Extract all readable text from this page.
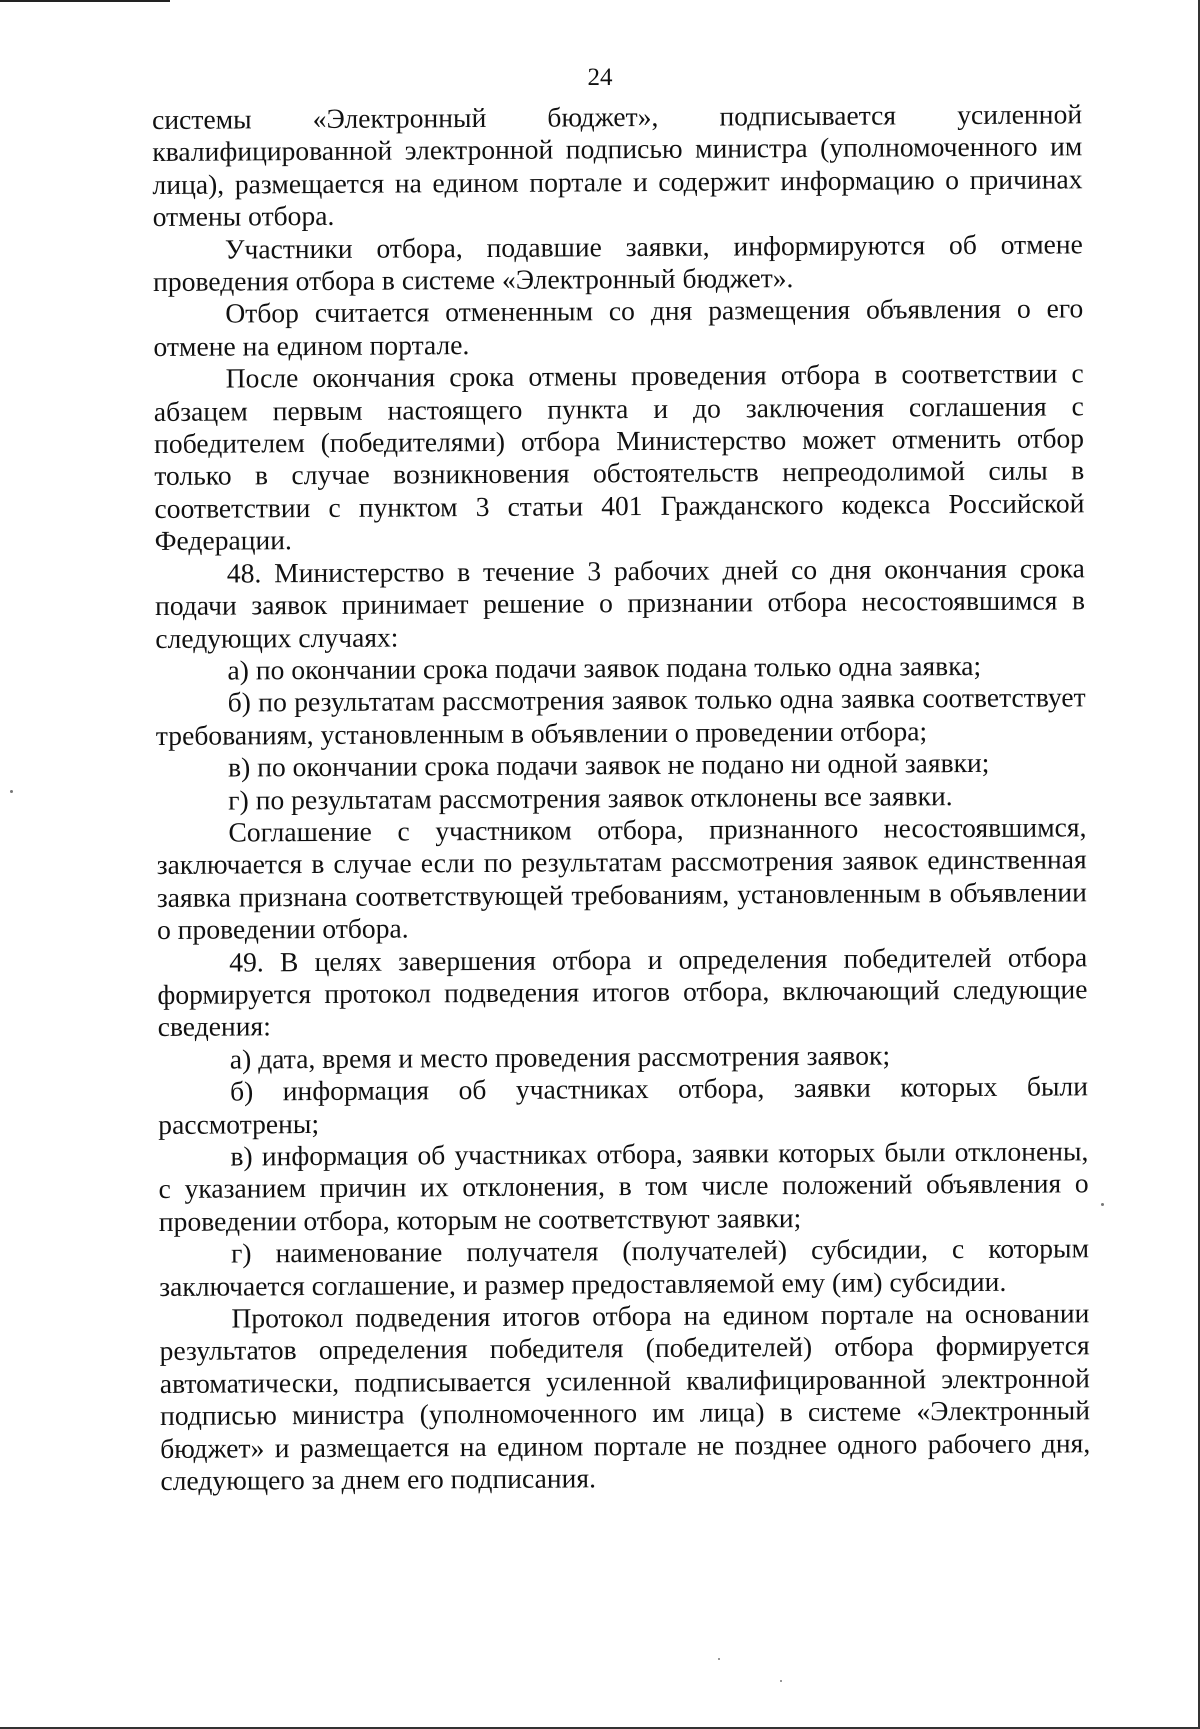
24

системы «Электронный бюджет», подписывается усиленной квалифицированной электронной подписью министра (уполномоченного им лица), размещается на едином портале и содержит информацию о причинах отмены отбора.

Участники отбора, подавшие заявки, информируются об отмене проведения отбора в системе «Электронный бюджет».

Отбор считается отмененным со дня размещения объявления о его отмене на едином портале.

После окончания срока отмены проведения отбора в соответствии с абзацем первым настоящего пункта и до заключения соглашения с победителем (победителями) отбора Министерство может отменить отбор только в случае возникновения обстоятельств непреодолимой силы в соответствии с пунктом 3 статьи 401 Гражданского кодекса Российской Федерации.

48. Министерство в течение 3 рабочих дней со дня окончания срока подачи заявок принимает решение о признании отбора несостоявшимся в следующих случаях:

а) по окончании срока подачи заявок подана только одна заявка;

б) по результатам рассмотрения заявок только одна заявка соответствует требованиям, установленным в объявлении о проведении отбора;

в) по окончании срока подачи заявок не подано ни одной заявки;

г) по результатам рассмотрения заявок отклонены все заявки.

Соглашение с участником отбора, признанного несостоявшимся, заключается в случае если по результатам рассмотрения заявок единственная заявка признана соответствующей требованиям, установленным в объявлении о проведении отбора.

49. В целях завершения отбора и определения победителей отбора формируется протокол подведения итогов отбора, включающий следующие сведения:

а) дата, время и место проведения рассмотрения заявок;

б) информация об участниках отбора, заявки которых были рассмотрены;

в) информация об участниках отбора, заявки которых были отклонены, с указанием причин их отклонения, в том числе положений объявления о проведении отбора, которым не соответствуют заявки;

г) наименование получателя (получателей) субсидии, с которым заключается соглашение, и размер предоставляемой ему (им) субсидии.

Протокол подведения итогов отбора на едином портале на основании результатов определения победителя (победителей) отбора формируется автоматически, подписывается усиленной квалифицированной электронной подписью министра (уполномоченного им лица) в системе «Электронный бюджет» и размещается на едином портале не позднее одного рабочего дня, следующего за днем его подписания.
